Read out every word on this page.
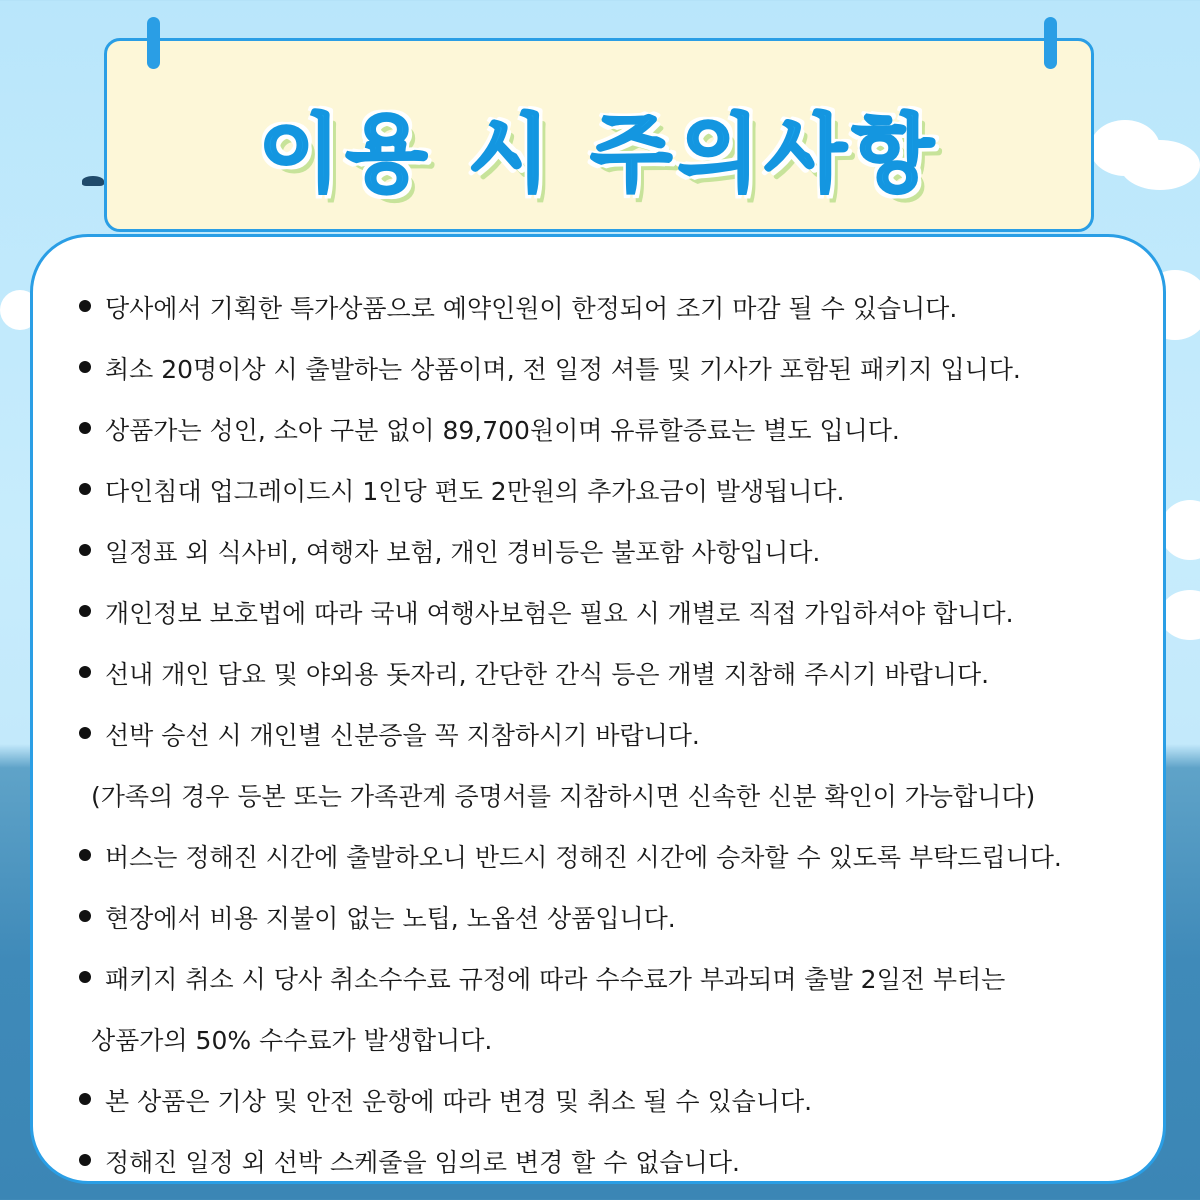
이용 시 주의사항
당사에서 기획한 특가상품으로 예약인원이 한정되어 조기 마감 될 수 있습니다.
최소 20명이상 시 출발하는 상품이며, 전 일정 셔틀 및 기사가 포함된 패키지 입니다.
상품가는 성인, 소아 구분 없이 89,700원이며 유류할증료는 별도 입니다.
다인침대 업그레이드시 1인당 편도 2만원의 추가요금이 발생됩니다.
일정표 외 식사비, 여행자 보험, 개인 경비등은 불포함 사항입니다.
개인정보 보호법에 따라 국내 여행사보험은 필요 시 개별로 직접 가입하셔야 합니다.
선내 개인 담요 및 야외용 돗자리, 간단한 간식 등은 개별 지참해 주시기 바랍니다.
선박 승선 시 개인별 신분증을 꼭 지참하시기 바랍니다.
(가족의 경우 등본 또는 가족관계 증명서를 지참하시면 신속한 신분 확인이 가능합니다)
버스는 정해진 시간에 출발하오니 반드시 정해진 시간에 승차할 수 있도록 부탁드립니다.
현장에서 비용 지불이 없는 노팁, 노옵션 상품입니다.
패키지 취소 시 당사 취소수수료 규정에 따라 수수료가 부과되며 출발 2일전 부터는
상품가의 50% 수수료가 발생합니다.
본 상품은 기상 및 안전 운항에 따라 변경 및 취소 될 수 있습니다.
정해진 일정 외 선박 스케줄을 임의로 변경 할 수 없습니다.
